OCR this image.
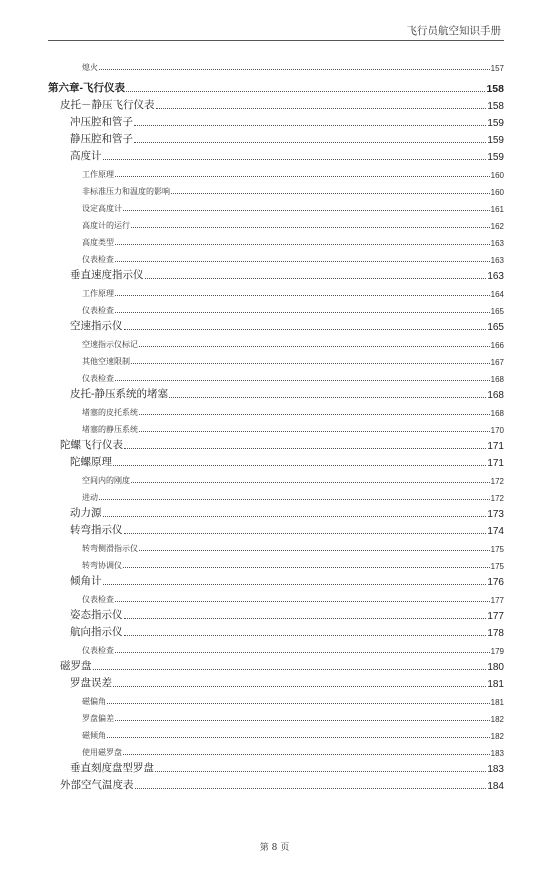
飞行员航空知识手册
熄火	157
第六章-飞行仪表	158
皮托－静压飞行仪表	158
冲压腔和管子	159
静压腔和管子	159
高度计	159
工作原理	160
非标准压力和温度的影响	160
设定高度计	161
高度计的运行	162
高度类型	163
仪表检查	163
垂直速度指示仪	163
工作原理	164
仪表检查	165
空速指示仪	165
空速指示仪标记	166
其他空速限制	167
仪表检查	168
皮托-静压系统的堵塞	168
堵塞的皮托系统	168
堵塞的静压系统	170
陀螺飞行仪表	171
陀螺原理	171
空间内的刚度	172
进动	172
动力源	173
转弯指示仪	174
转弯侧滑指示仪	175
转弯协调仪	175
倾角计	176
仪表检查	177
姿态指示仪	177
航向指示仪	178
仪表检查	179
磁罗盘	180
罗盘误差	181
磁偏角	181
罗盘偏差	182
磁倾角	182
使用磁罗盘	183
垂直刻度盘型罗盘	183
外部空气温度表	184
第 8 页
